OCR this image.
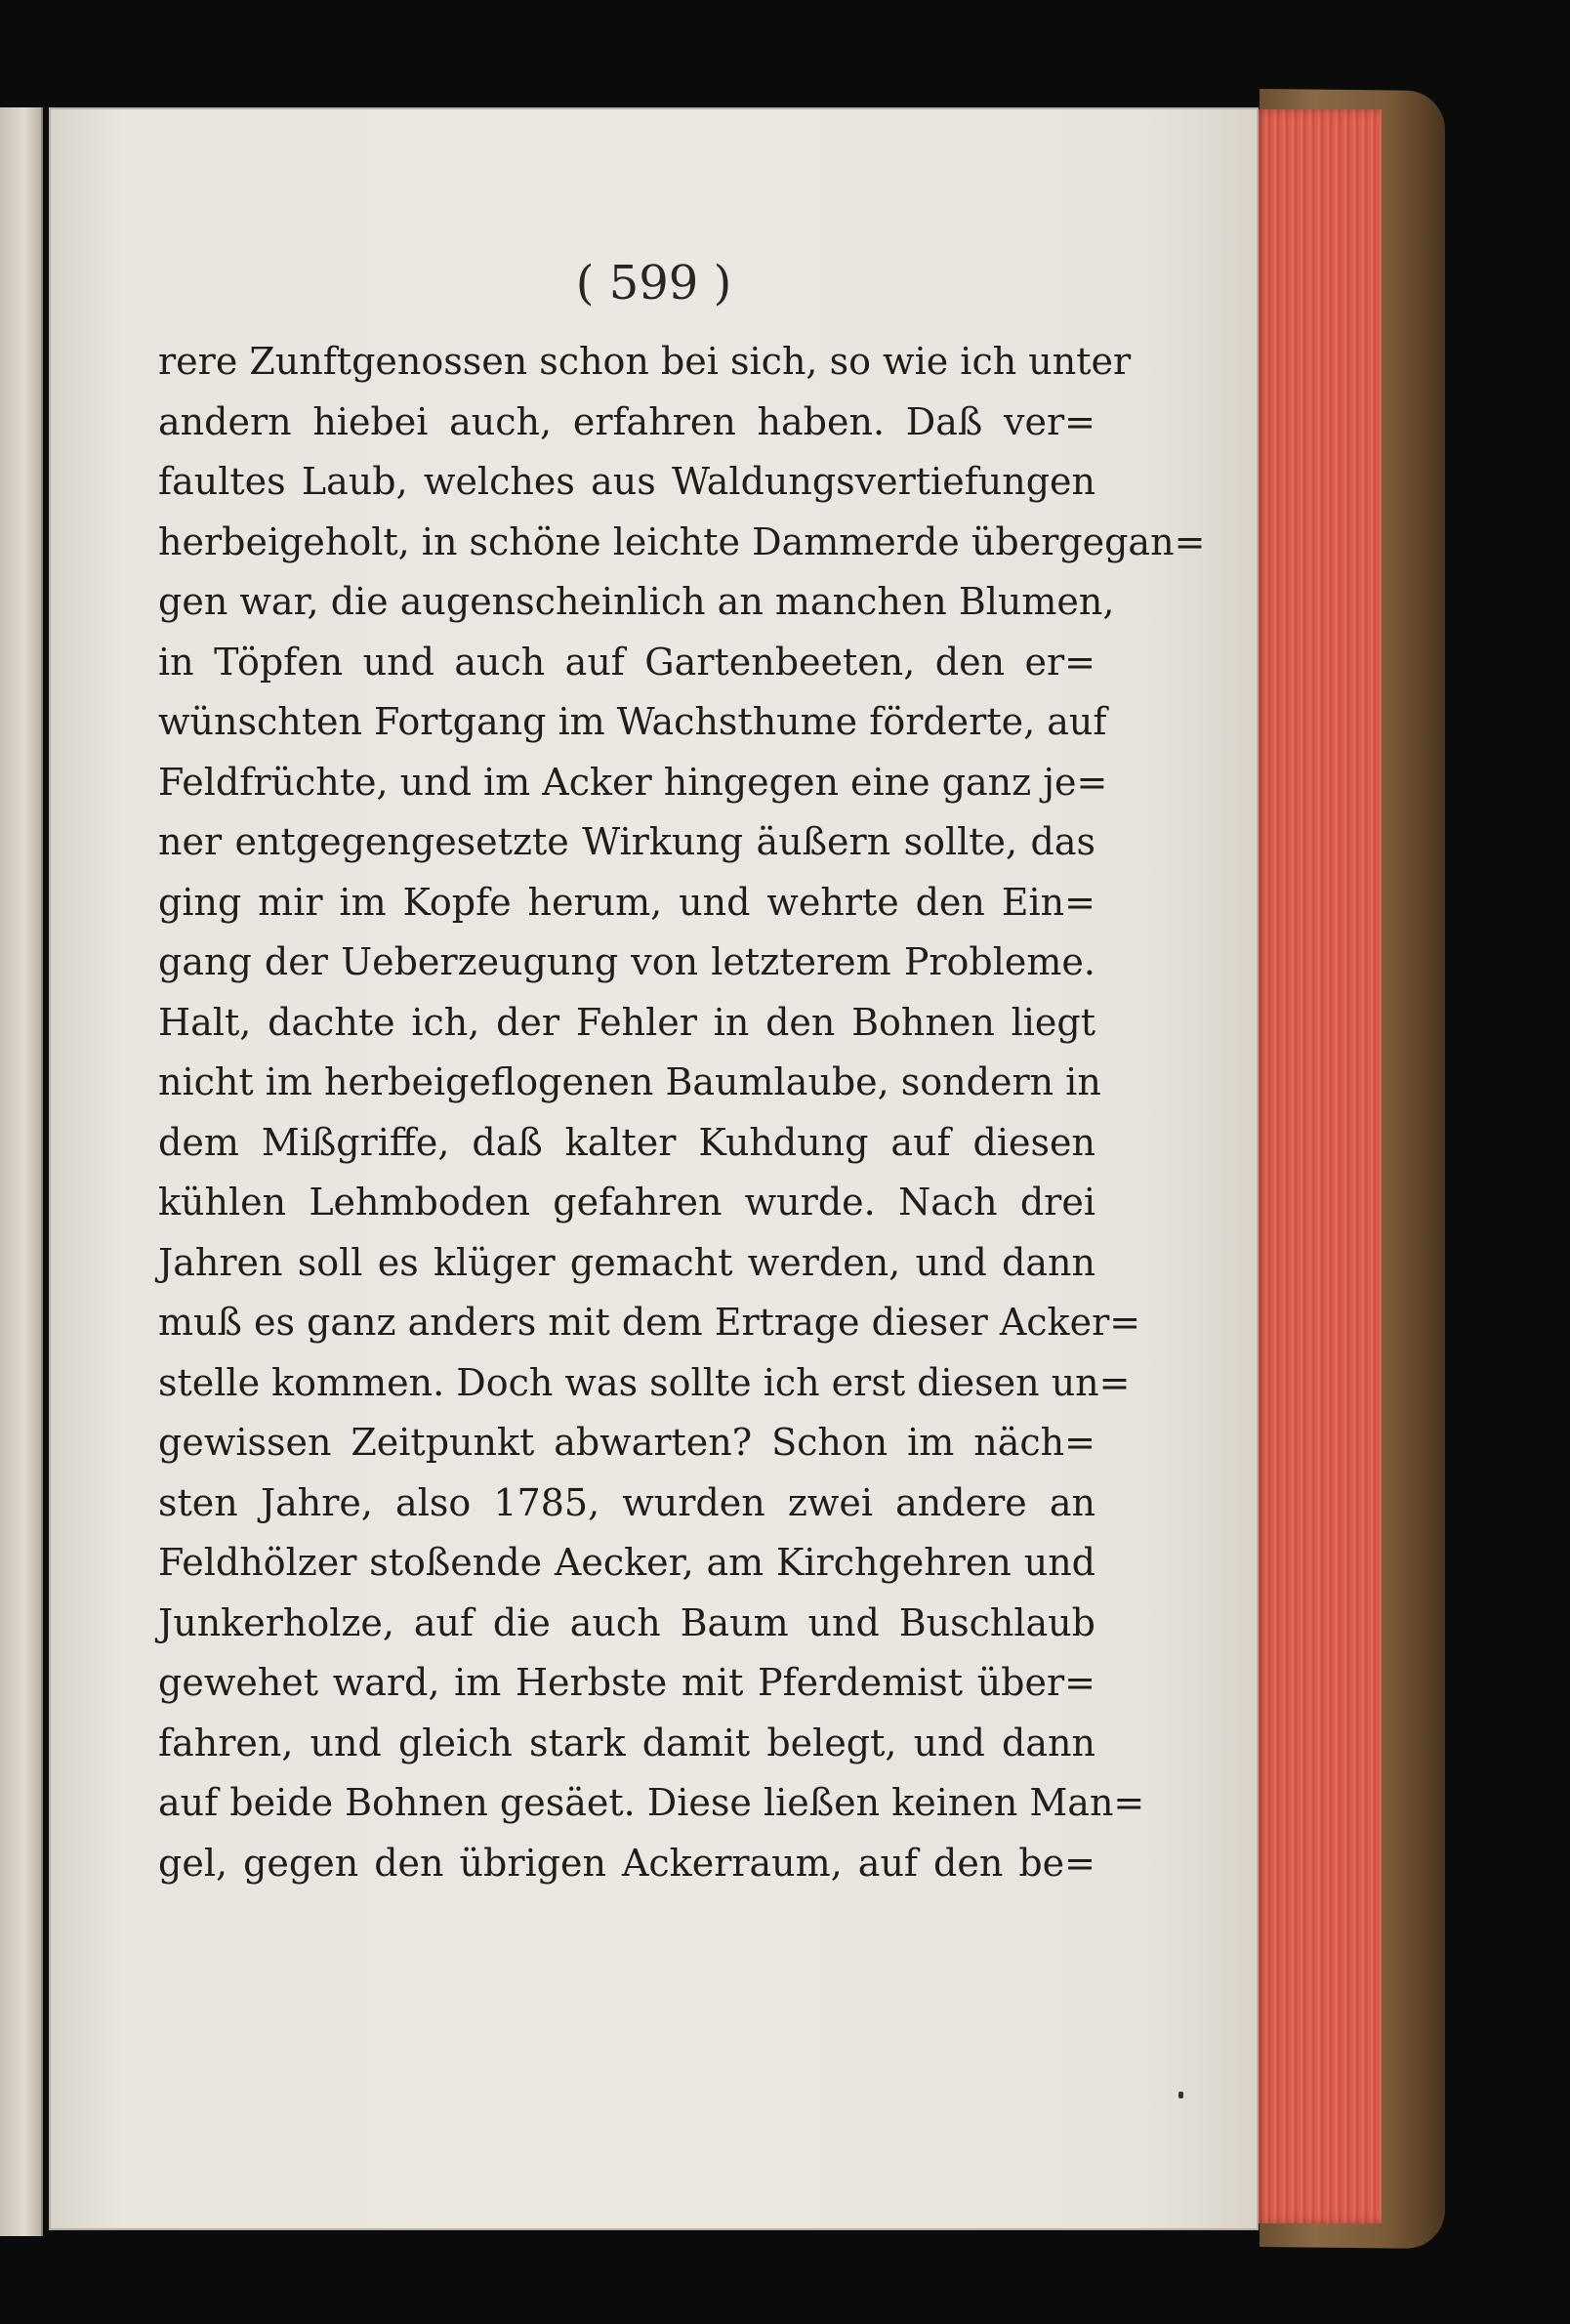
( 599 )
rere Zunftgenossen schon bei sich, so wie ich unter
andern hiebei auch, erfahren haben. Daß ver=
faultes Laub, welches aus Waldungsvertiefungen
herbeigeholt, in schöne leichte Dammerde übergegan=
gen war, die augenscheinlich an manchen Blumen,
in Töpfen und auch auf Gartenbeeten, den er=
wünschten Fortgang im Wachsthume förderte, auf
Feldfrüchte, und im Acker hingegen eine ganz je=
ner entgegengesetzte Wirkung äußern sollte, das
ging mir im Kopfe herum, und wehrte den Ein=
gang der Ueberzeugung von letzterem Probleme.
Halt, dachte ich, der Fehler in den Bohnen liegt
nicht im herbeigeflogenen Baumlaube, sondern in
dem Mißgriffe, daß kalter Kuhdung auf diesen
kühlen Lehmboden gefahren wurde. Nach drei
Jahren soll es klüger gemacht werden, und dann
muß es ganz anders mit dem Ertrage dieser Acker=
stelle kommen. Doch was sollte ich erst diesen un=
gewissen Zeitpunkt abwarten? Schon im näch=
sten Jahre, also 1785, wurden zwei andere an
Feldhölzer stoßende Aecker, am Kirchgehren und
Junkerholze, auf die auch Baum und Buschlaub
gewehet ward, im Herbste mit Pferdemist über=
fahren, und gleich stark damit belegt, und dann
auf beide Bohnen gesäet. Diese ließen keinen Man=
gel, gegen den übrigen Ackerraum, auf den be=
